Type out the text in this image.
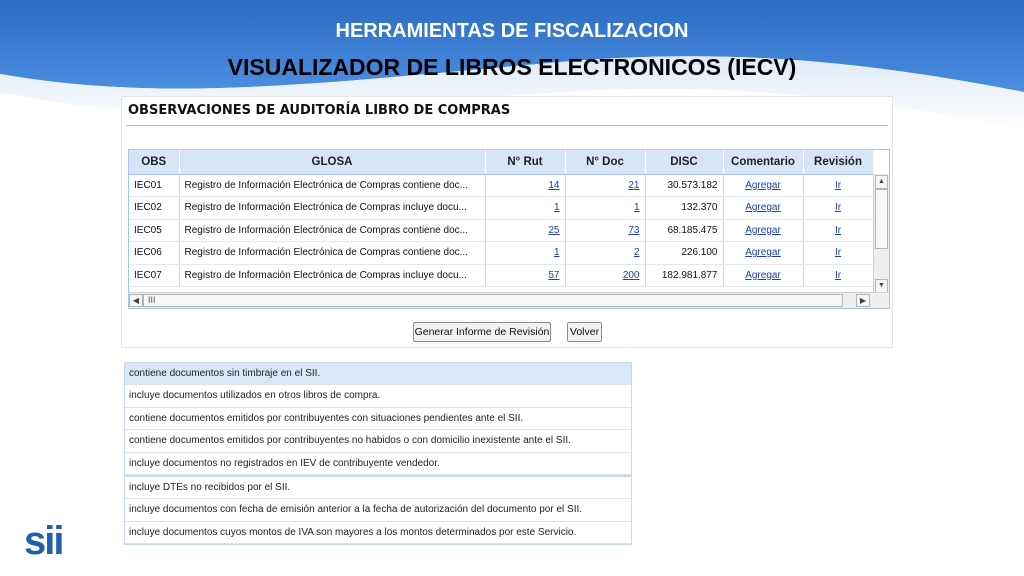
HERRAMIENTAS DE FISCALIZACION
VISUALIZADOR DE LIBROS ELECTRONICOS (IECV)
OBSERVACIONES DE AUDITORÍA LIBRO DE COMPRAS
OBS	GLOSA	N° Rut	N° Doc	DISC	Comentario	Revisión
IEC01	Registro de Información Electrónica de Compras contiene doc...	14	21	30.573.182	Agregar	Ir
IEC02	Registro de Información Electrónica de Compras incluye docu...	1	1	132.370	Agregar	Ir
IEC05	Registro de Información Electrónica de Compras contiene doc...	25	73	68.185.475	Agregar	Ir
IEC06	Registro de Información Electrónica de Compras contiene doc...	1	2	226.100	Agregar	Ir
IEC07	Registro de Información Electrónica de Compras incluye docu...	57	200	182.981.877	Agregar	Ir
▲
▼
◀ III	▶
Generar Informe de Revisión Volver
contiene documentos sin timbraje en el SII.
incluye documentos utilizados en otros libros de compra.
contiene documentos emitidos por contribuyentes con situaciones pendientes ante el SII.
contiene documentos emitidos por contribuyentes no habidos o con domicilio inexistente ante el SII.
incluye documentos no registrados en IEV de contribuyente vendedor.
incluye DTEs no recibidos por el SII.
incluye documentos con fecha de emisión anterior a la fecha de autorización del documento por el SII.
incluye documentos cuyos montos de IVA son mayores a los montos determinados por este Servicio.
sii
